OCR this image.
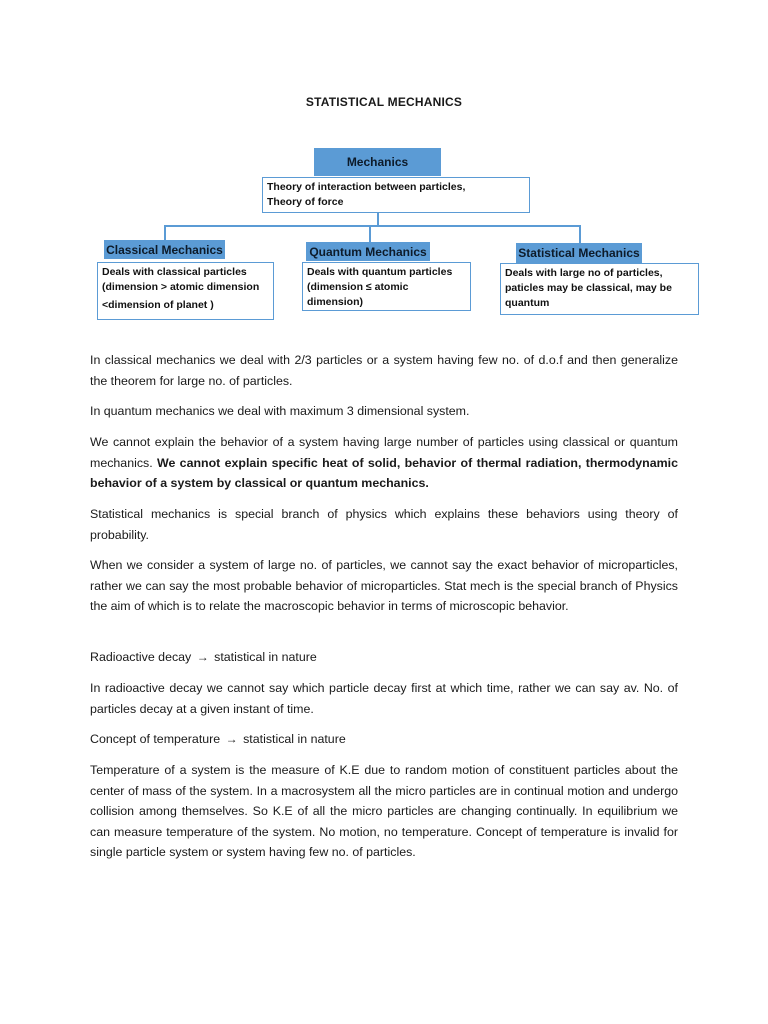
STATISTICAL MECHANICS
Mechanics
Theory of interaction between particles,
Theory of force
Classical Mechanics
Deals with classical particles
(dimension > atomic dimension
<dimension of planet )
Quantum Mechanics
Deals with quantum particles
(dimension ≤ atomic
dimension)
Statistical Mechanics
Deals with large no of particles,
paticles may be classical, may be
quantum
In classical mechanics we deal with 2/3 particles or a system having few no. of d.o.f and then generalize the theorem for large no. of particles.
In quantum mechanics we deal with maximum 3 dimensional system.
We cannot explain the behavior of a system having large number of particles using classical or quantum mechanics. We cannot explain specific heat of solid, behavior of thermal radiation, thermodynamic behavior of a system by classical or quantum mechanics.
Statistical mechanics is special branch of physics which explains these behaviors using theory of probability.
When we consider a system of large no. of particles, we cannot say the exact behavior of microparticles, rather we can say the most probable behavior of microparticles. Stat mech is the special branch of Physics the aim of which is to relate the macroscopic behavior in terms of microscopic behavior.
Radioactive decay → statistical in nature
In radioactive decay we cannot say which particle decay first at which time, rather we can say av. No. of particles decay at a given instant of time.
Concept of temperature → statistical in nature
Temperature of a system is the measure of K.E due to random motion of constituent particles about the center of mass of the system. In a macrosystem all the micro particles are in continual motion and undergo collision among themselves. So K.E of all the micro particles are changing continually. In equilibrium we can measure temperature of the system. No motion, no temperature. Concept of temperature is invalid for single particle system or system having few no. of particles.
